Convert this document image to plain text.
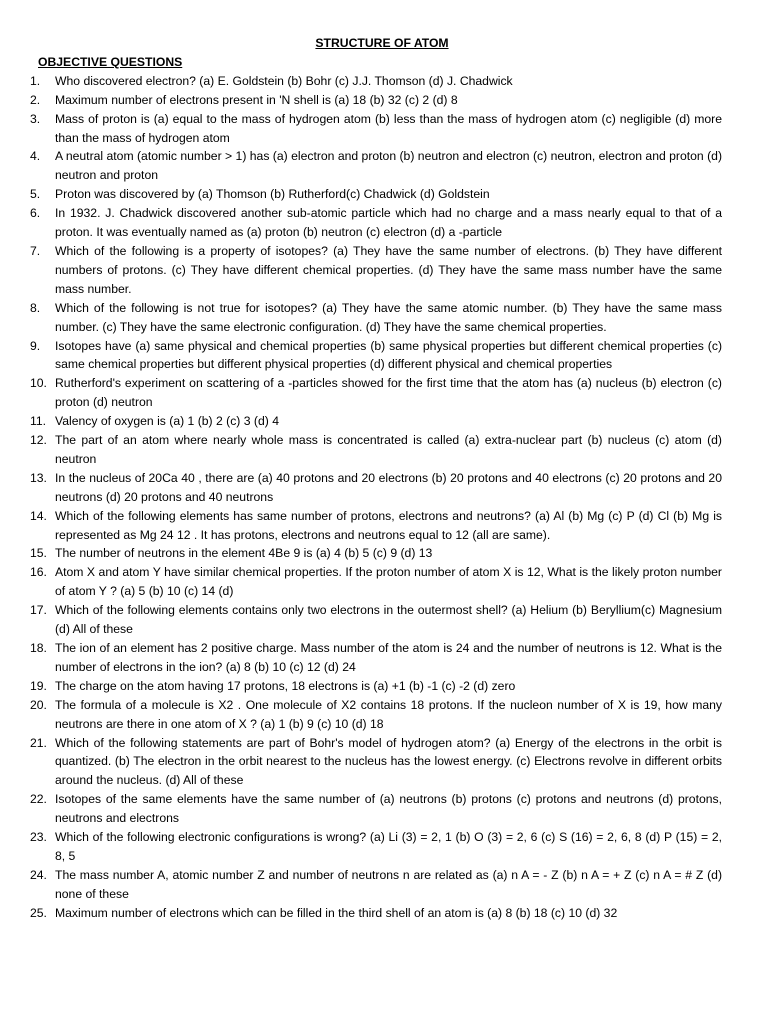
STRUCTURE OF ATOM
OBJECTIVE QUESTIONS
1.	Who discovered electron? (a) E. Goldstein (b) Bohr (c) J.J. Thomson (d) J. Chadwick
2.	Maximum number of electrons present in 'N shell is (a) 18 (b) 32 (c) 2 (d) 8
3.	Mass of proton is (a) equal to the mass of hydrogen atom (b) less than the mass of hydrogen atom (c) negligible (d) more than the mass of hydrogen atom
4.	A neutral atom (atomic number > 1) has (a) electron and proton (b) neutron and electron (c) neutron, electron and proton (d) neutron and proton
5.	Proton was discovered by (a) Thomson (b) Rutherford(c) Chadwick (d) Goldstein
6.	In 1932. J. Chadwick discovered another sub-atomic particle which had no charge and a mass nearly equal to that of a proton. It was eventually named as (a) proton (b) neutron (c) electron (d) a -particle
7.	Which of the following is a property of isotopes? (a) They have the same number of electrons. (b) They have different numbers of protons. (c) They have different chemical properties. (d) They have the same mass number have the same mass number.
8.	Which of the following is not true for isotopes? (a) They have the same atomic number. (b) They have the same mass number. (c) They have the same electronic configuration. (d) They have the same chemical properties.
9.	Isotopes have (a) same physical and chemical properties (b) same physical properties but different chemical properties (c) same chemical properties but different physical properties (d) different physical and chemical properties
10. Rutherford's experiment on scattering of a -particles showed for the first time that the atom has (a) nucleus (b) electron (c) proton (d) neutron
11. Valency of oxygen is (a) 1 (b) 2 (c) 3 (d) 4
12. The part of an atom where nearly whole mass is concentrated is called (a) extra-nuclear part (b) nucleus (c) atom (d) neutron
13. In the nucleus of 20Ca 40 , there are (a) 40 protons and 20 electrons (b) 20 protons and 40 electrons (c) 20 protons and 20 neutrons (d) 20 protons and 40 neutrons
14. Which of the following elements has same number of protons, electrons and neutrons? (a) Al (b) Mg (c) P (d) Cl (b) Mg is represented as Mg 24 12 . It has protons, electrons and neutrons equal to 12 (all are same).
15. The number of neutrons in the element 4Be 9 is (a) 4 (b) 5 (c) 9 (d) 13
16. Atom X and atom Y have similar chemical properties. If the proton number of atom X is 12, What is the likely proton number of atom Y ? (a) 5 (b) 10 (c) 14 (d)
17. Which of the following elements contains only two electrons in the outermost shell? (a) Helium (b) Beryllium(c) Magnesium (d) All of these
18. The ion of an element has 2 positive charge. Mass number of the atom is 24 and the number of neutrons is 12. What is the number of electrons in the ion? (a) 8 (b) 10 (c) 12 (d) 24
19. The charge on the atom having 17 protons, 18 electrons is (a) +1 (b) -1 (c) -2 (d) zero
20. The formula of a molecule is X2 . One molecule of X2 contains 18 protons. If the nucleon number of X is 19, how many neutrons are there in one atom of X ? (a) 1 (b) 9 (c) 10 (d) 18
21. Which of the following statements are part of Bohr's model of hydrogen atom? (a) Energy of the electrons in the orbit is quantized. (b) The electron in the orbit nearest to the nucleus has the lowest energy. (c) Electrons revolve in different orbits around the nucleus. (d) All of these
22. Isotopes of the same elements have the same number of (a) neutrons (b) protons (c) protons and neutrons (d) protons, neutrons and electrons
23. Which of the following electronic configurations is wrong? (a) Li (3) = 2, 1 (b) O (3) = 2, 6 (c) S (16) = 2, 6, 8 (d) P (15) = 2, 8, 5
24. The mass number A, atomic number Z and number of neutrons n are related as (a) n A = - Z (b) n A = + Z (c) n A = # Z (d) none of these
25. Maximum number of electrons which can be filled in the third shell of an atom is (a) 8 (b) 18 (c) 10 (d) 32
